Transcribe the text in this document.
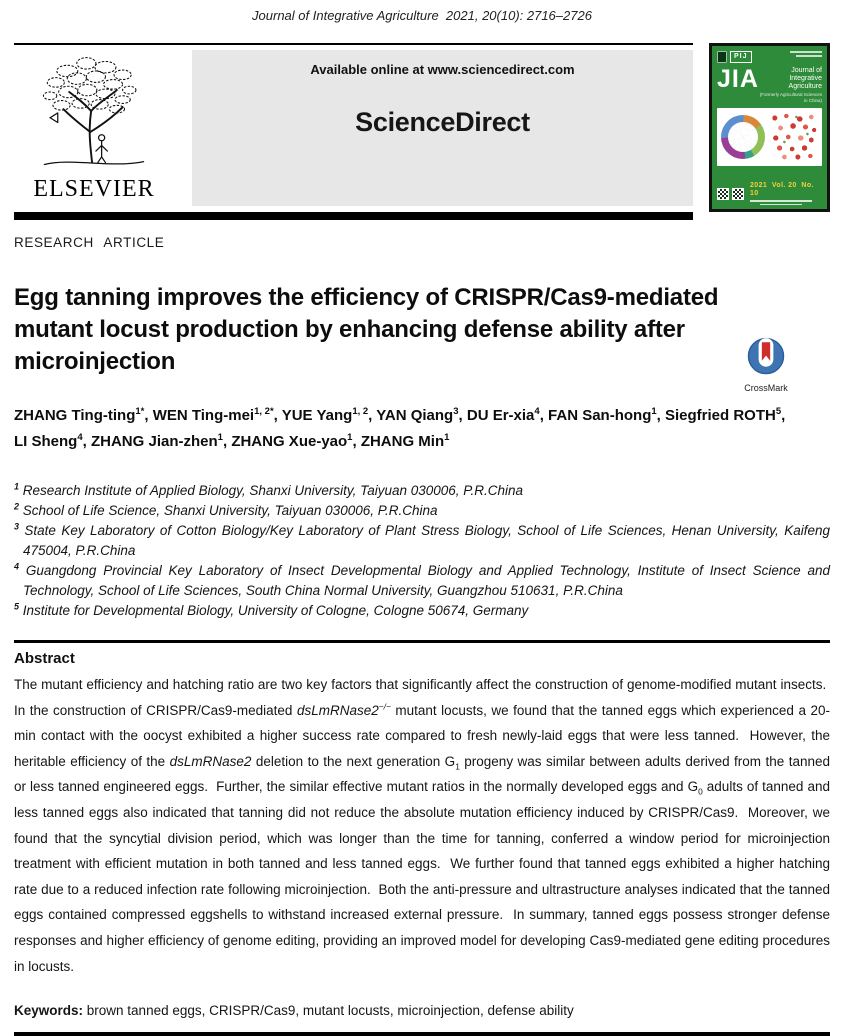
Journal of Integrative Agriculture  2021, 20(10): 2716–2726
ELSEVIER
Available online at www.sciencedirect.com
ScienceDirect
PIJ
JIA	Journal of
Integrative Agriculture
(Formerly Agricultural Sciences in China)
2021  Vol. 20  No. 10
RESEARCH ARTICLE
Egg tanning improves the efficiency of CRISPR/Cas9-mediated mutant locust production by enhancing defense ability after microinjection
CrossMark

ZHANG Ting-ting$^{1*}$, WEN Ting-mei$^{1, 2*}$, YUE Yang$^{1, 2}$, YAN Qiang$^3$, DU Er-xia$^4$, FAN San-hong$^1$, Siegfried ROTH$^5$, LI Sheng$^4$, ZHANG Jian-zhen$^1$, ZHANG Xue-yao$^1$, ZHANG Min$^1$

$^1$ Research Institute of Applied Biology, Shanxi University, Taiyuan 030006, P.R.China
$^2$ School of Life Science, Shanxi University, Taiyuan 030006, P.R.China
$^3$ State Key Laboratory of Cotton Biology/Key Laboratory of Plant Stress Biology, School of Life Sciences, Henan University, Kaifeng 475004, P.R.China
$^4$ Guangdong Provincial Key Laboratory of Insect Developmental Biology and Applied Technology, Institute of Insect Science and Technology, School of Life Sciences, South China Normal University, Guangzhou 510631, P.R.China
$^5$ Institute for Developmental Biology, University of Cologne, Cologne 50674, Germany
Abstract

The mutant efficiency and hatching ratio are two key factors that significantly affect the construction of genome-modified mutant insects.  In the construction of CRISPR/Cas9-mediated dsLmRNase2−/− mutant locusts, we found that the tanned eggs which experienced a 20-min contact with the oocyst exhibited a higher success rate compared to fresh newly-laid eggs that were less tanned.  However, the heritable efficiency of the dsLmRNase2 deletion to the next generation $G_1$ progeny was similar between adults derived from the tanned or less tanned engineered eggs.  Further, the similar effective mutant ratios in the normally developed eggs and $G_0$ adults of tanned and less tanned eggs also indicated that tanning did not reduce the absolute mutation efficiency induced by CRISPR/Cas9.  Moreover, we found that the syncytial division period, which was longer than the time for tanning, conferred a window period for microinjection treatment with efficient mutation in both tanned and less tanned eggs.  We further found that tanned eggs exhibited a higher hatching rate due to a reduced infection rate following microinjection.  Both the anti-pressure and ultrastructure analyses indicated that the tanned eggs contained compressed eggshells to withstand increased external pressure.  In summary, tanned eggs possess stronger defense responses and higher efficiency of genome editing, providing an improved model for developing Cas9-mediated gene editing procedures in locusts.

Keywords: brown tanned eggs, CRISPR/Cas9, mutant locusts, microinjection, defense ability
